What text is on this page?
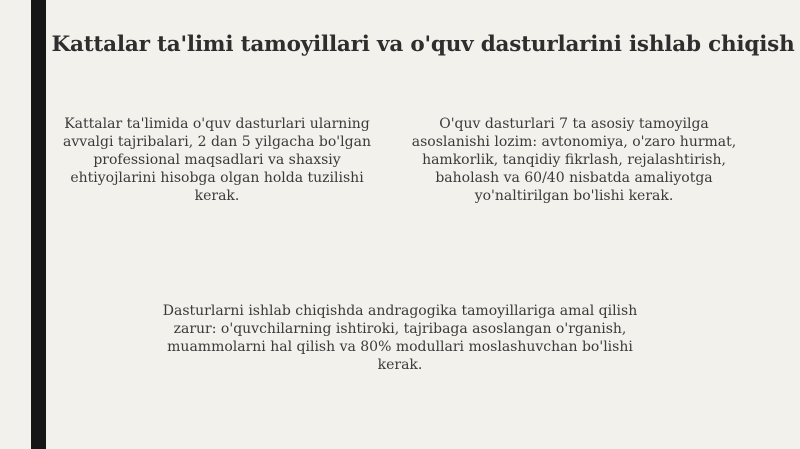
Kattalar ta'limi tamoyillari va o'quv dasturlarini ishlab chiqish

Kattalar ta'limida o'quv dasturlari ularning avvalgi tajribalari, 2 dan 5 yilgacha bo'lgan professional maqsadlari va shaxsiy ehtiyojlarini hisobga olgan holda tuzilishi kerak.

O'quv dasturlari 7 ta asosiy tamoyilga asoslanishi lozim: avtonomiya, o'zaro hurmat, hamkorlik, tanqidiy fikrlash, rejalashtirish, baholash va 60/40 nisbatda amaliyotga yo'naltirilgan bo'lishi kerak.

Dasturlarni ishlab chiqishda andragogika tamoyillariga amal qilish zarur: o'quvchilarning ishtiroki, tajribaga asoslangan o'rganish, muammolarni hal qilish va 80% modullari moslashuvchan bo'lishi kerak.
